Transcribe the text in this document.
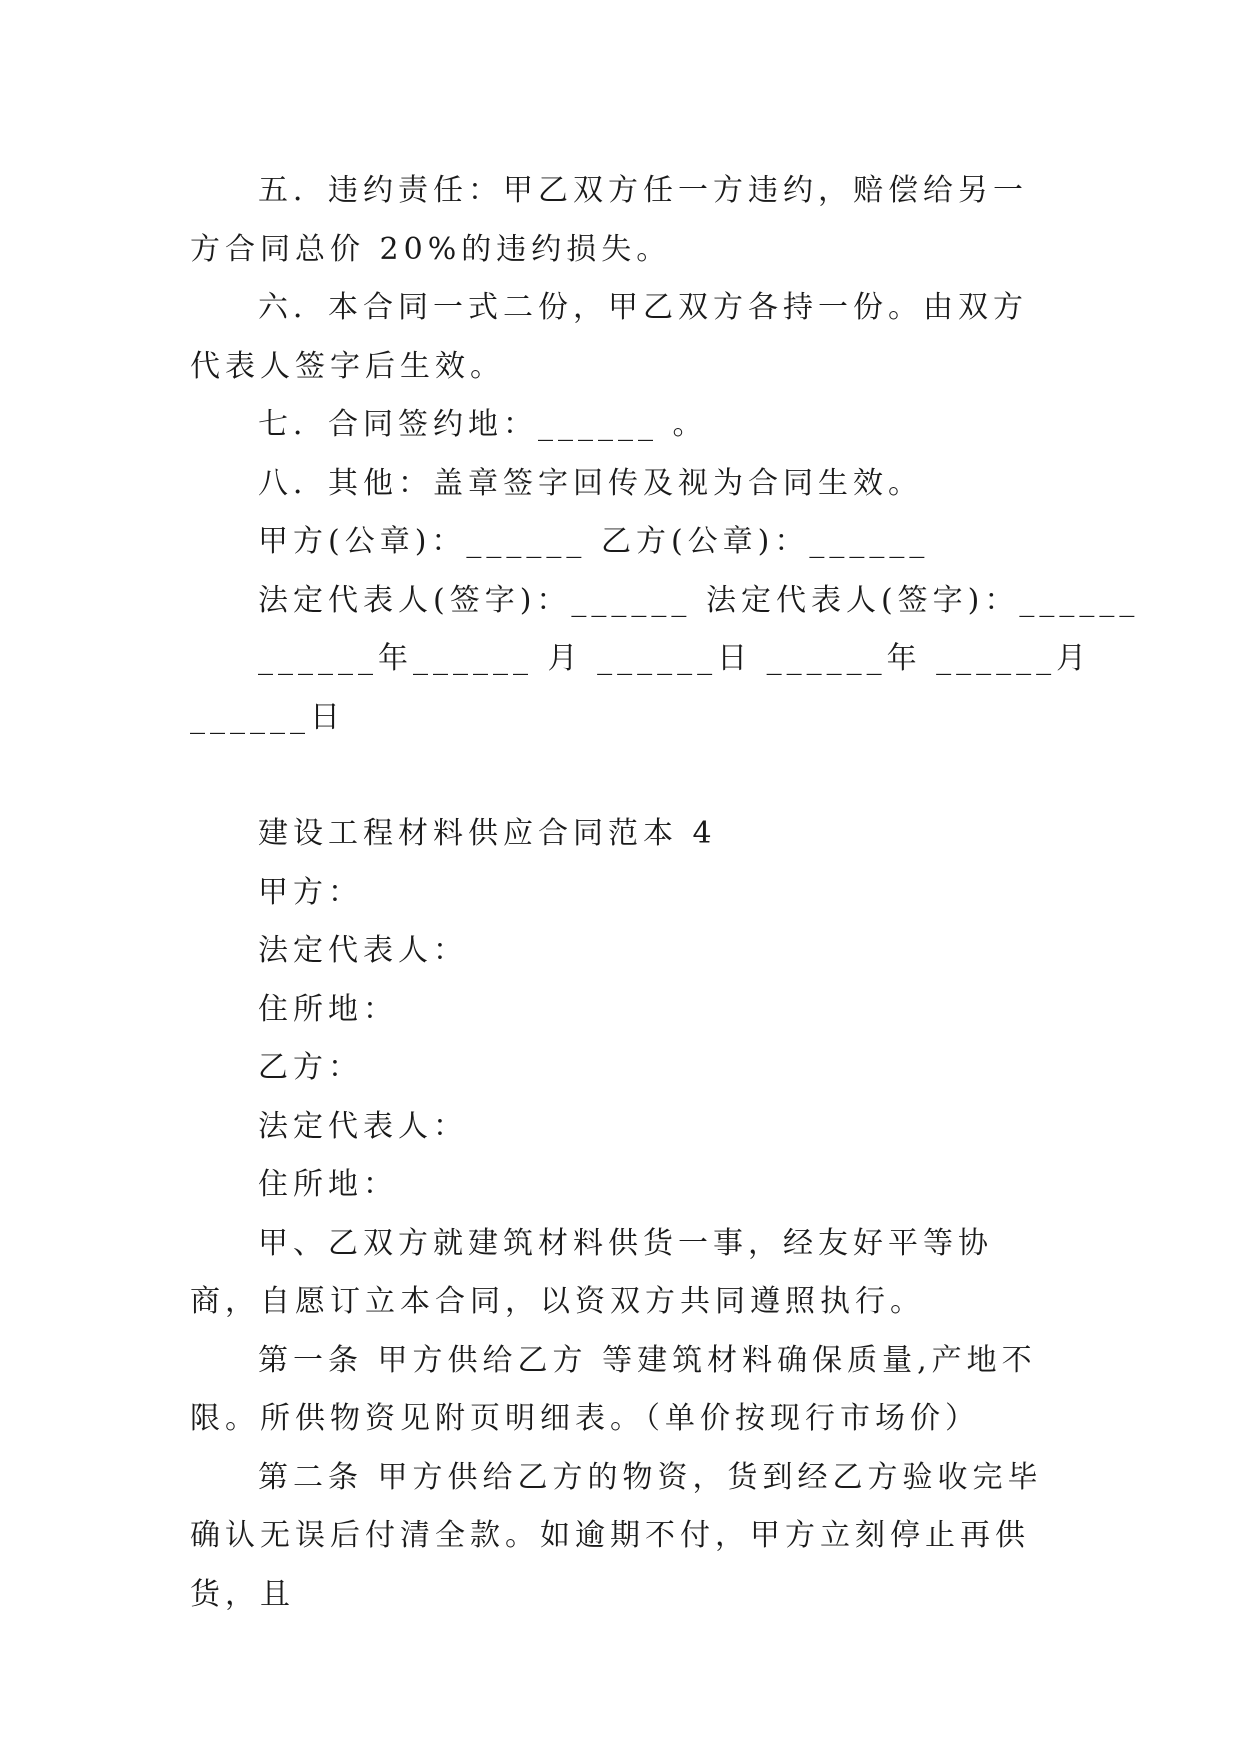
五．违约责任：甲乙双方任一方违约，赔偿给另一方合同总价 20%的违约损失。

六．本合同一式二份，甲乙双方各持一份。由双方代表人签字后生效。

七．合同签约地：______ 。

八．其他：盖章签字回传及视为合同生效。

甲方(公章)：______ 乙方(公章)：______

法定代表人(签字)：______ 法定代表人(签字)：______

______年______ 月 ______日 ______年 ______月

______日

建设工程材料供应合同范本 4

甲方：

法定代表人：

住所地：

乙方：

法定代表人：

住所地：

甲、乙双方就建筑材料供货一事，经友好平等协商，自愿订立本合同，以资双方共同遵照执行。

第一条 甲方供给乙方 等建筑材料确保质量,产地不限。所供物资见附页明细表。（单价按现行市场价）

第二条 甲方供给乙方的物资，货到经乙方验收完毕确认无误后付清全款。如逾期不付，甲方立刻停止再供货，且
